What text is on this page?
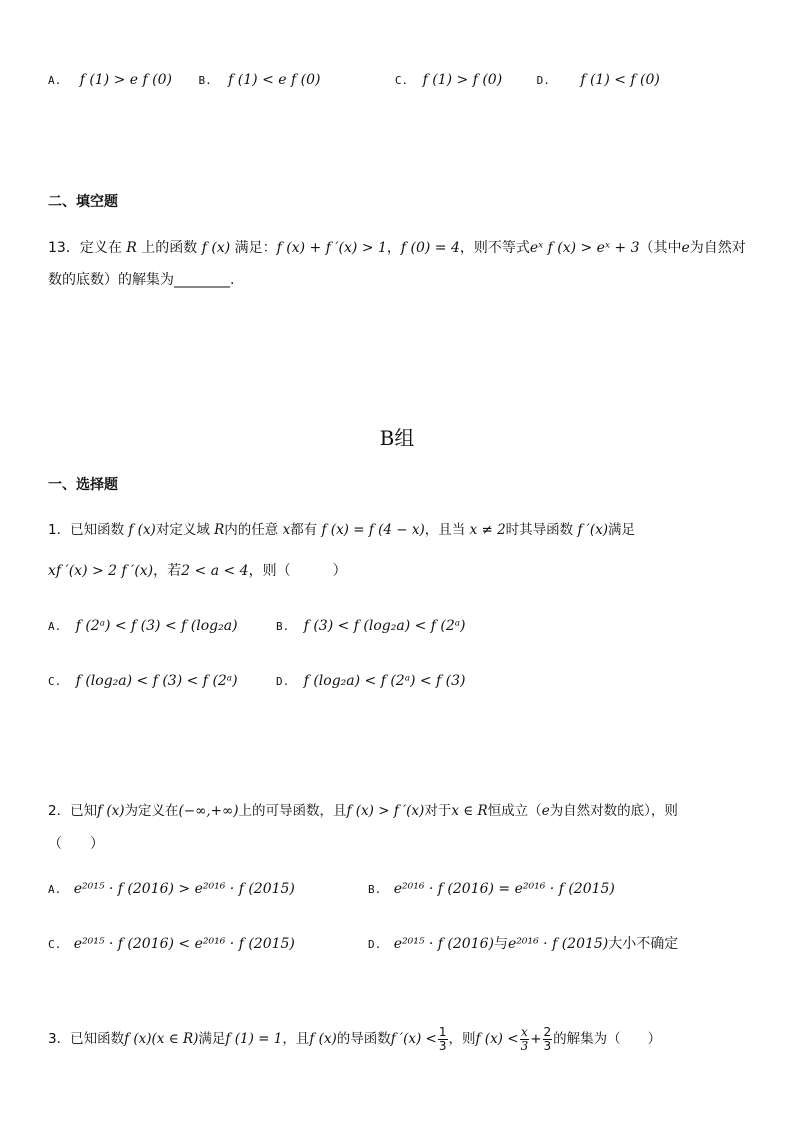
A. f (1) > e f (0) B. f (1) < e f (0)	C. f (1) > f (0)	D. f (1) < f (0)
二、填空题
13．定义在 R 上的函数 f (x) 满足：f (x) + f ′(x) > 1，f (0) = 4，则不等式eˣ f (x) > eˣ + 3（其中e为自然对
数的底数）的解集为________.
B组
一、选择题
1．已知函数 f (x)对定义域 R内的任意 x都有 f (x) = f (4 − x)，且当 x ≠ 2时其导函数 f ′(x)满足
xf ′(x) > 2 f ′(x)，若2 < a < 4，则（　　　）
A. f (2ᵃ) < f (3) < f (log₂a)	B. f (3) < f (log₂a) < f (2ᵃ)
C. f (log₂a) < f (3) < f (2ᵃ)	D. f (log₂a) < f (2ᵃ) < f (3)
2．已知f (x)为定义在(−∞,+∞)上的可导函数，且f (x) > f ′(x)对于x ∈ R恒成立（e为自然对数的底），则
（　　）
A. e²⁰¹⁵ · f (2016) > e²⁰¹⁶ · f (2015)	B. e²⁰¹⁶ · f (2016) = e²⁰¹⁶ · f (2015)
C. e²⁰¹⁵ · f (2016) < e²⁰¹⁶ · f (2015)	D. e²⁰¹⁵ · f (2016)与e²⁰¹⁶ · f (2015)大小不确定
3．已知函数f (x)(x ∈ R)满足f (1) = 1，且f (x)的导函数f $'(x) < \frac{1}{3}$ ，则f $(x) < \frac{x}{3} + \frac{2}{3}$ 的解集为（　　）
